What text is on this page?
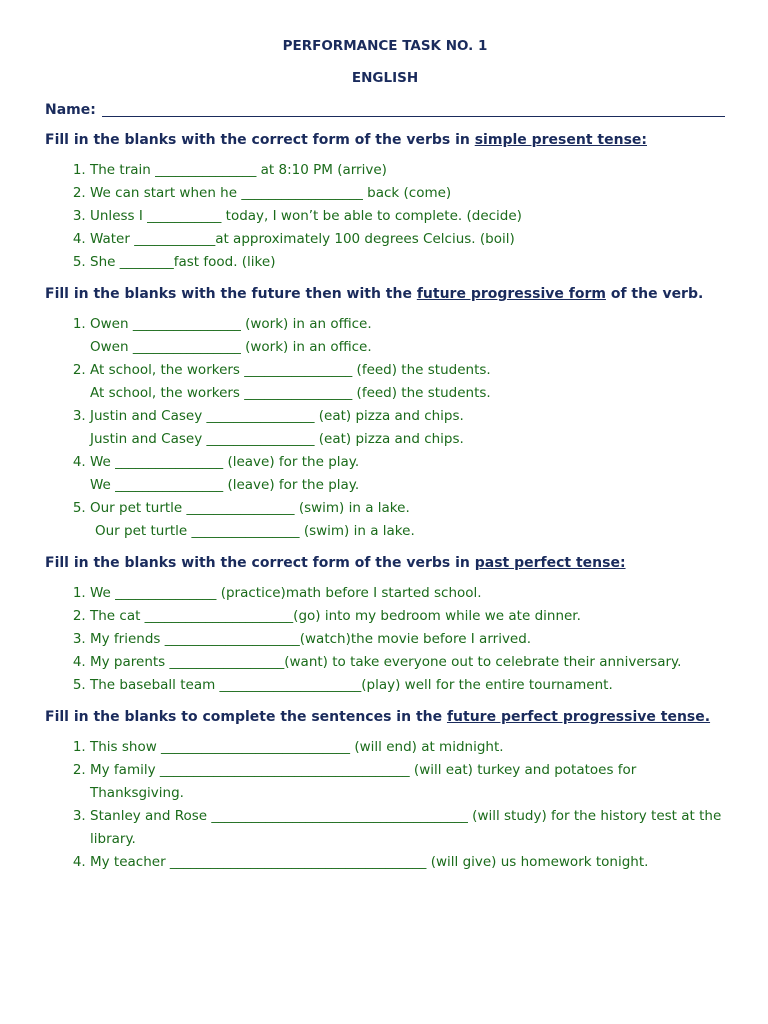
PERFORMANCE TASK NO. 1
ENGLISH
Name:
Fill in the blanks with the correct form of the verbs in simple present tense:
1. The train _______________ at 8:10 PM (arrive)
2. We can start when he __________________ back (come)
3. Unless I ___________ today, I won’t be able to complete. (decide)
4. Water ____________at approximately 100 degrees Celcius. (boil)
5. She ________fast food. (like)
Fill in the blanks with the future then with the future progressive form of the verb.
1. Owen ________________ (work) in an office.
Owen ________________ (work) in an office.
2. At school, the workers ________________ (feed) the students.
At school, the workers ________________ (feed) the students.
3. Justin and Casey ________________ (eat) pizza and chips.
Justin and Casey ________________ (eat) pizza and chips.
4. We ________________ (leave) for the play.
We ________________ (leave) for the play.
5. Our pet turtle ________________ (swim) in a lake.
Our pet turtle ________________ (swim) in a lake.
Fill in the blanks with the correct form of the verbs in past perfect tense:
1. We _______________ (practice)math before I started school.
2. The cat ______________________(go) into my bedroom while we ate dinner.
3. My friends ____________________(watch)the movie before I arrived.
4. My parents _________________(want) to take everyone out to celebrate their anniversary.
5. The baseball team _____________________(play) well for the entire tournament.
Fill in the blanks to complete the sentences in the future perfect progressive tense.
1. This show ____________________________ (will end) at midnight.
2. My family _____________________________________ (will eat) turkey and potatoes for Thanksgiving.
3. Stanley and Rose ______________________________________ (will study) for the history test at the library.
4. My teacher ______________________________________ (will give) us homework tonight.
